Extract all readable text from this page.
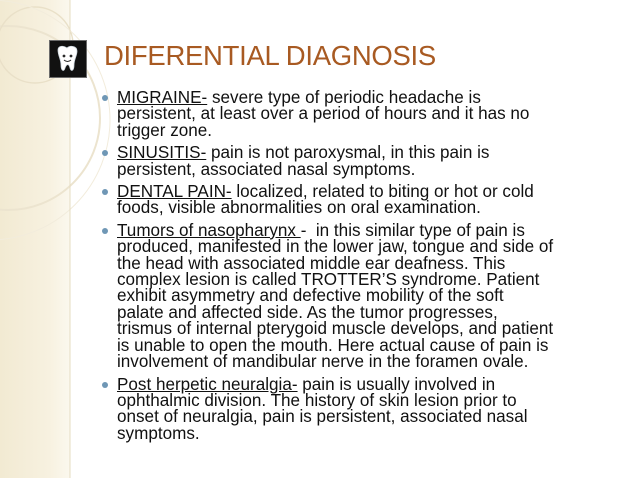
DIFERENTIAL DIAGNOSIS
MIGRAINE- severe type of periodic headache is
persistent, at least over a period of hours and it has no
trigger zone.
SINUSITIS- pain is not paroxysmal, in this pain is
persistent, associated nasal symptoms.
DENTAL PAIN- localized, related to biting or hot or cold
foods, visible abnormalities on oral examination.
Tumors of nasopharynx -  in this similar type of pain is
produced, manifested in the lower jaw, tongue and side of
the head with associated middle ear deafness. This
complex lesion is called TROTTER’S syndrome. Patient
exhibit asymmetry and defective mobility of the soft
palate and affected side. As the tumor progresses,
trismus of internal pterygoid muscle develops, and patient
is unable to open the mouth. Here actual cause of pain is
involvement of mandibular nerve in the foramen ovale.
Post herpetic neuralgia- pain is usually involved in
ophthalmic division. The history of skin lesion prior to
onset of neuralgia, pain is persistent, associated nasal
symptoms.
